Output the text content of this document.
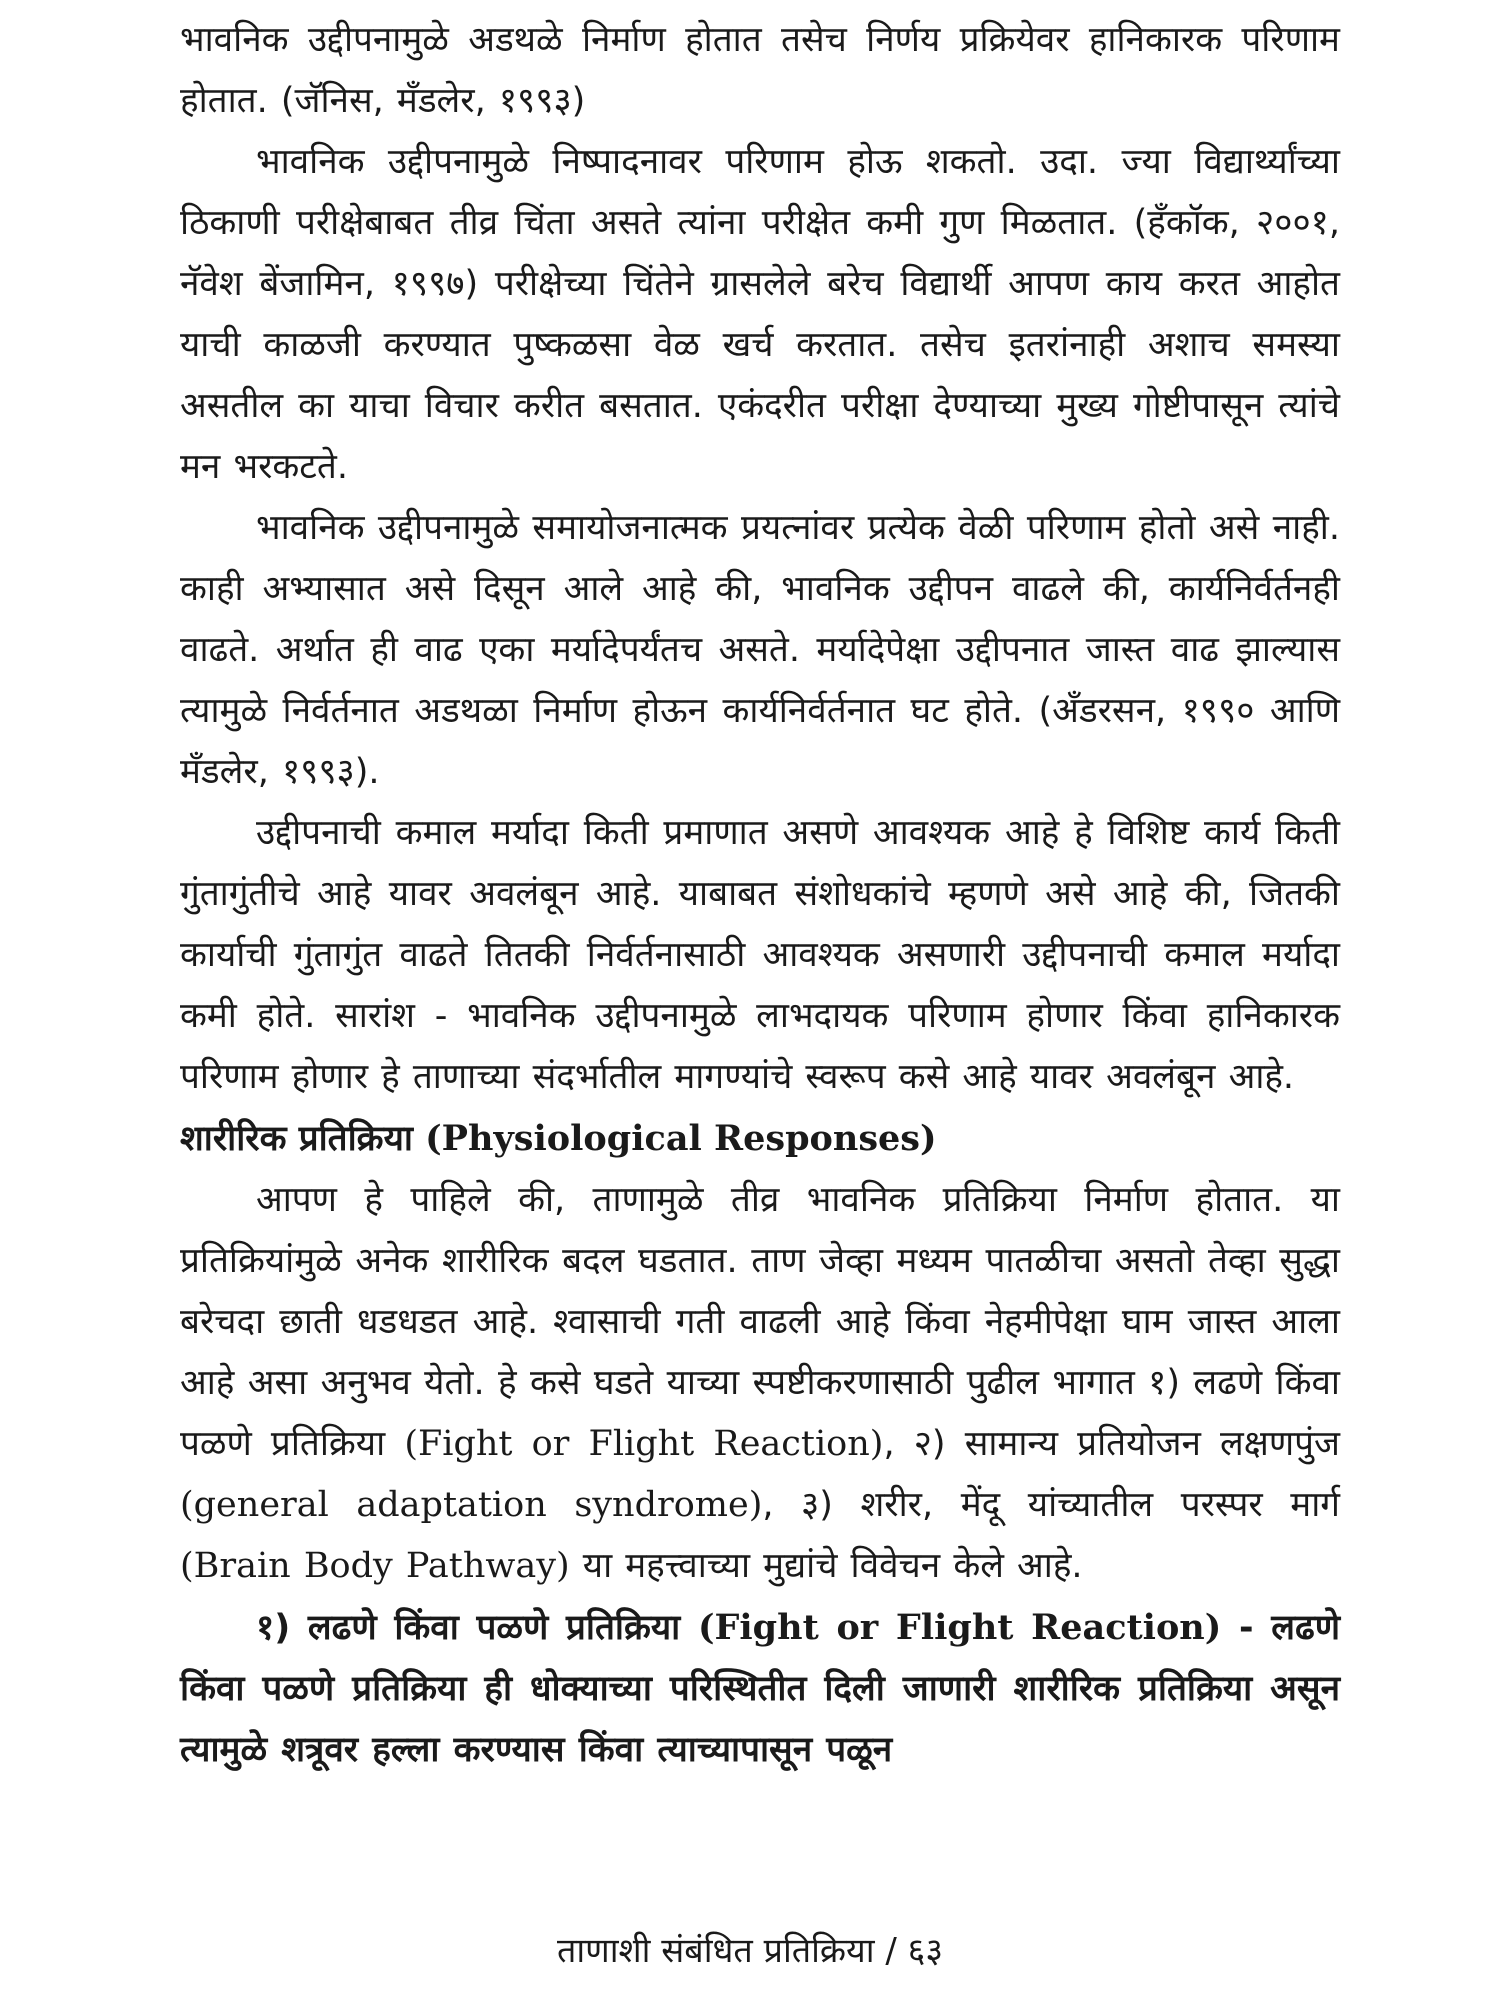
भावनिक उद्दीपनामुळे अडथळे निर्माण होतात तसेच निर्णय प्रक्रियेवर हानिकारक परिणाम होतात. (जॅनिस, मँडलेर, १९९३)

भावनिक उद्दीपनामुळे निष्पादनावर परिणाम होऊ शकतो. उदा. ज्या विद्यार्थ्यांच्या ठिकाणी परीक्षेबाबत तीव्र चिंता असते त्यांना परीक्षेत कमी गुण मिळतात. (हँकॉक, २००१, नॅवेश बेंजामिन, १९९७) परीक्षेच्या चिंतेने ग्रासलेले बरेच विद्यार्थी आपण काय करत आहोत याची काळजी करण्यात पुष्कळसा वेळ खर्च करतात. तसेच इतरांनाही अशाच समस्या असतील का याचा विचार करीत बसतात. एकंदरीत परीक्षा देण्याच्या मुख्य गोष्टीपासून त्यांचे मन भरकटते.

भावनिक उद्दीपनामुळे समायोजनात्मक प्रयत्नांवर प्रत्येक वेळी परिणाम होतो असे नाही. काही अभ्यासात असे दिसून आले आहे की, भावनिक उद्दीपन वाढले की, कार्यनिर्वर्तनही वाढते. अर्थात ही वाढ एका मर्यादेपर्यंतच असते. मर्यादेपेक्षा उद्दीपनात जास्त वाढ झाल्यास त्यामुळे निर्वर्तनात अडथळा निर्माण होऊन कार्यनिर्वर्तनात घट होते. (अँडरसन, १९९० आणि मँडलेर, १९९३).

उद्दीपनाची कमाल मर्यादा किती प्रमाणात असणे आवश्यक आहे हे विशिष्ट कार्य किती गुंतागुंतीचे आहे यावर अवलंबून आहे. याबाबत संशोधकांचे म्हणणे असे आहे की, जितकी कार्याची गुंतागुंत वाढते तितकी निर्वर्तनासाठी आवश्यक असणारी उद्दीपनाची कमाल मर्यादा कमी होते. सारांश - भावनिक उद्दीपनामुळे लाभदायक परिणाम होणार किंवा हानिकारक परिणाम होणार हे ताणाच्या संदर्भातील मागण्यांचे स्वरूप कसे आहे यावर अवलंबून आहे.

शारीरिक प्रतिक्रिया (Physiological Responses)

आपण हे पाहिले की, ताणामुळे तीव्र भावनिक प्रतिक्रिया निर्माण होतात. या प्रतिक्रियांमुळे अनेक शारीरिक बदल घडतात. ताण जेव्हा मध्यम पातळीचा असतो तेव्हा सुद्धा बरेचदा छाती धडधडत आहे. श्वासाची गती वाढली आहे किंवा नेहमीपेक्षा घाम जास्त आला आहे असा अनुभव येतो. हे कसे घडते याच्या स्पष्टीकरणासाठी पुढील भागात १) लढणे किंवा पळणे प्रतिक्रिया (Fight or Flight Reaction), २) सामान्य प्रतियोजन लक्षणपुंज (general adaptation syndrome), ३) शरीर, मेंदू यांच्यातील परस्पर मार्ग (Brain Body Pathway) या महत्त्वाच्या मुद्यांचे विवेचन केले आहे.

१) लढणे किंवा पळणे प्रतिक्रिया (Fight or Flight Reaction) - लढणे किंवा पळणे प्रतिक्रिया ही धोक्याच्या परिस्थितीत दिली जाणारी शारीरिक प्रतिक्रिया असून त्यामुळे शत्रूवर हल्ला करण्यास किंवा त्याच्यापासून पळून

ताणाशी संबंधित प्रतिक्रिया / ६३
